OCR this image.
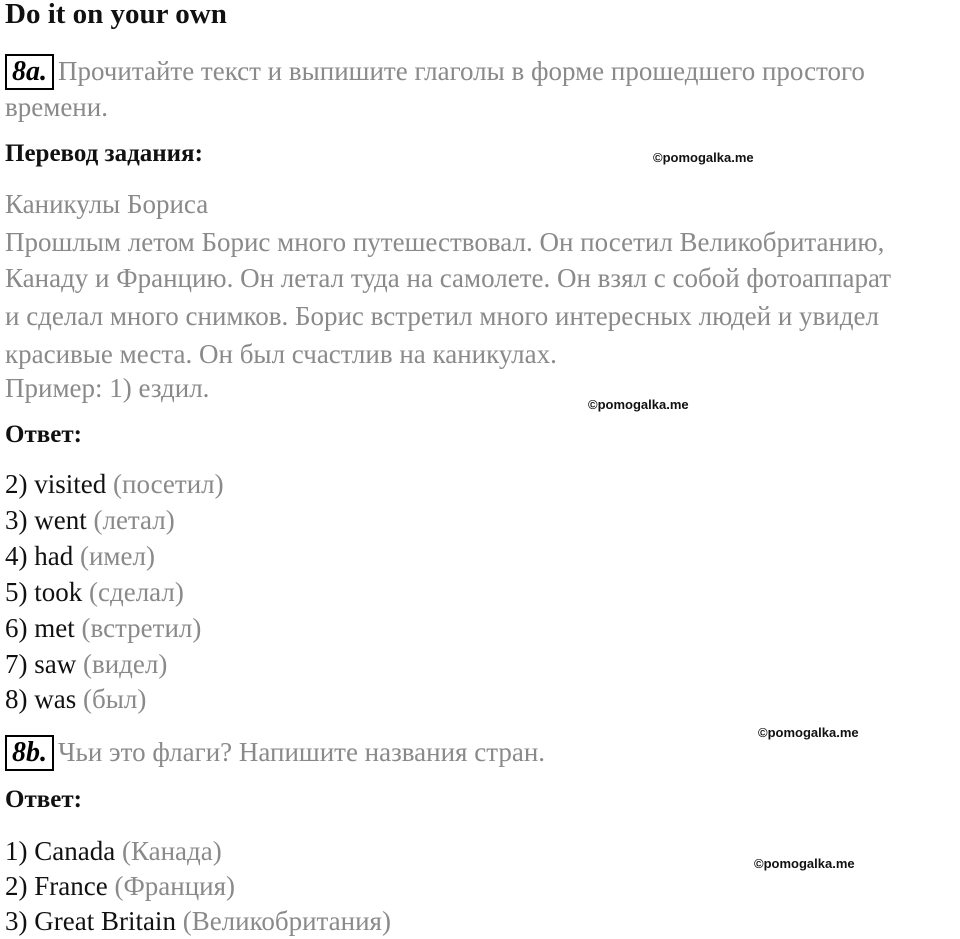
Do it on your own
8a. Прочитайте текст и выпишите глаголы в форме прошедшего простого
времени.
Перевод задания:	©pomogalka.me
Каникулы Бориса
Прошлым летом Борис много путешествовал. Он посетил Великобританию,
Канаду и Францию. Он летал туда на самолете. Он взял с собой фотоаппарат
и сделал много снимков. Борис встретил много интересных людей и увидел
красивые места. Он был счастлив на каникулах.
Пример: 1) ездил.
©pomogalka.me
Ответ:
2) visited (посетил)
3) went (летал)
4) had (имел)
5) took (сделал)
6) met (встретил)
7) saw (видел)
8) was (был)
©pomogalka.me
8b. Чьи это флаги? Напишите названия стран.
Ответ:
1) Canada (Канада)	©pomogalka.me
2) France (Франция)
3) Great Britain (Великобритания)
